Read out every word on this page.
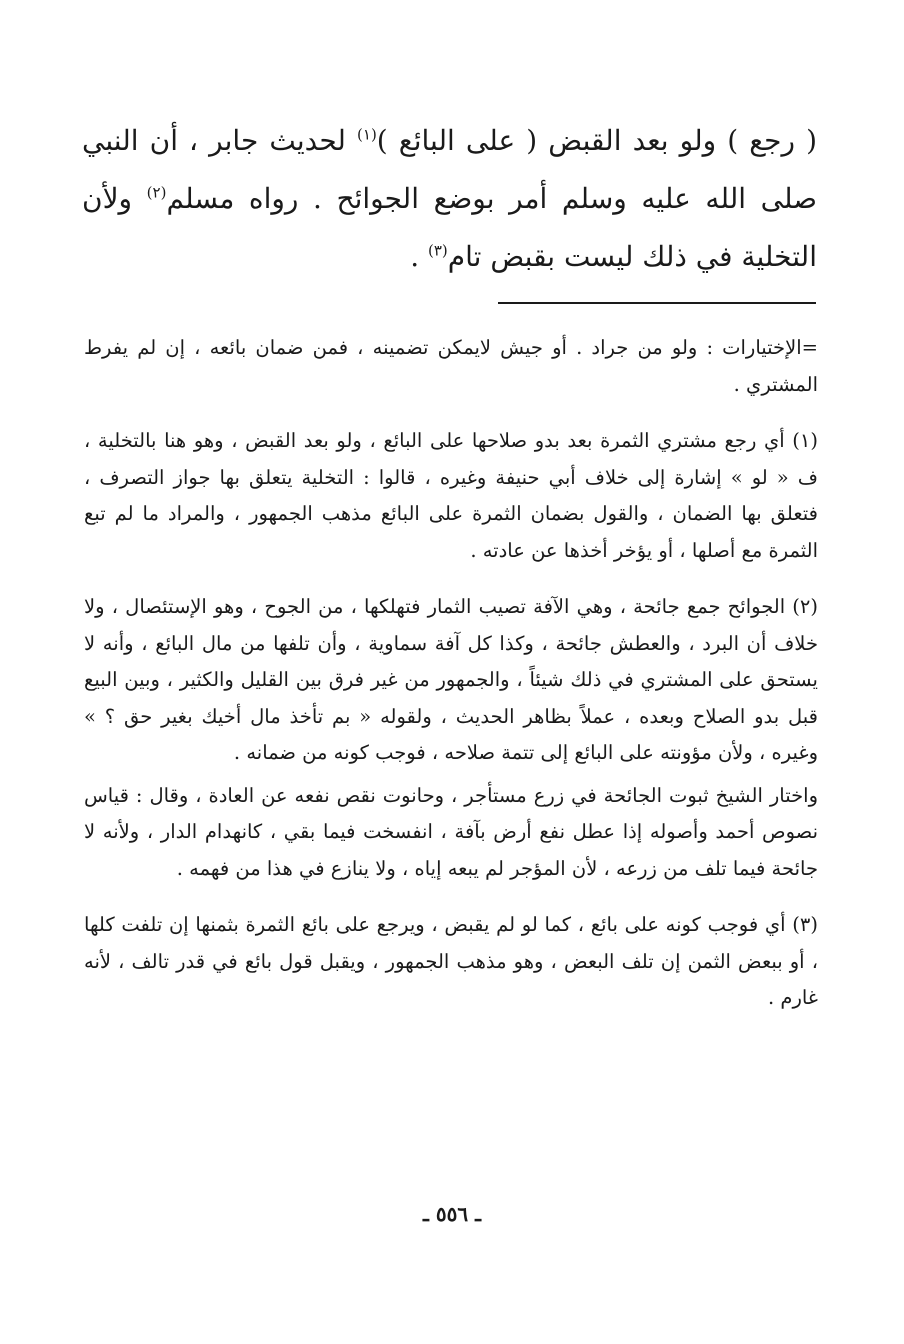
( رجع ) ولو بعد القبض ( على البائع )$^{(١)}$ لحديث جابر ، أن النبي صلى الله عليه وسلم أمر بوضع الجوائح . رواه مسلم$^{(٢)}$ ولأن التخلية في ذلك ليست بقبض تام$^{(٣)}$ .

=الإختيارات : ولو من جراد . أو جيش لايمكن تضمينه ، فمن ضمان بائعه ، إن لم يفرط المشتري .

(١) أي رجع مشتري الثمرة بعد بدو صلاحها على البائع ، ولو بعد القبض ، وهو هنا بالتخلية ، ف « لو » إشارة إلى خلاف أبي حنيفة وغيره ، قالوا : التخلية يتعلق بها جواز التصرف ، فتعلق بها الضمان ، والقول بضمان الثمرة على البائع مذهب الجمهور ، والمراد ما لم تبع الثمرة مع أصلها ، أو يؤخر أخذها عن عادته .

(٢) الجوائح جمع جائحة ، وهي الآفة تصيب الثمار فتهلكها ، من الجوح ، وهو الإستئصال ، ولا خلاف أن البرد ، والعطش جائحة ، وكذا كل آفة سماوية ، وأن تلفها من مال البائع ، وأنه لا يستحق على المشتري في ذلك شيئاً ، والجمهور من غير فرق بين القليل والكثير ، وبين البيع قبل بدو الصلاح وبعده ، عملاً بظاهر الحديث ، ولقوله « بم تأخذ مال أخيك بغير حق ؟ » وغيره ، ولأن مؤونته على البائع إلى تتمة صلاحه ، فوجب كونه من ضمانه .

واختار الشيخ ثبوت الجائحة في زرع مستأجر ، وحانوت نقص نفعه عن العادة ، وقال : قياس نصوص أحمد وأصوله إذا عطل نفع أرض بآفة ، انفسخت فيما بقي ، كانهدام الدار ، ولأنه لا جائحة فيما تلف من زرعه ، لأن المؤجر لم يبعه إياه ، ولا ينازع في هذا من فهمه .

(٣) أي فوجب كونه على بائع ، كما لو لم يقبض ، ويرجع على بائع الثمرة بثمنها إن تلفت كلها ، أو ببعض الثمن إن تلف البعض ، وهو مذهب الجمهور ، ويقبل قول بائع في قدر تالف ، لأنه غارم .

ـ ٥٥٦ ـ
